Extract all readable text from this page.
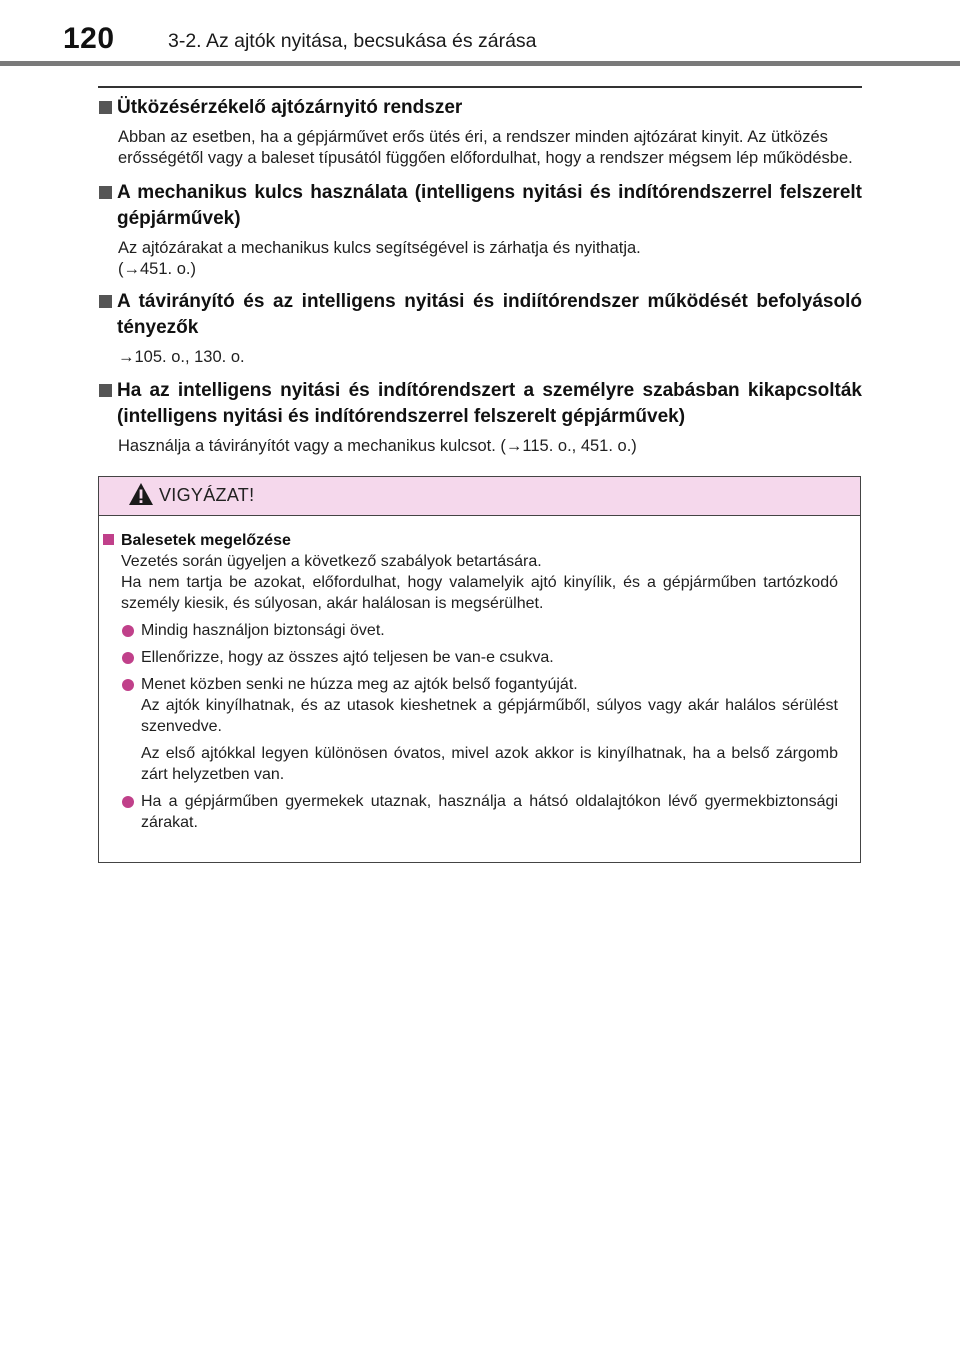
120	3-2. Az ajtók nyitása, becsukása és zárása
Ütközésérzékelő ajtózárnyitó rendszer
Abban az esetben, ha a gépjárművet erős ütés éri, a rendszer minden ajtózárat kinyit. Az ütközés erősségétől vagy a baleset típusától függően előfordulhat, hogy a rendszer mégsem lép működésbe.
A mechanikus kulcs használata (intelligens nyitási és indítórendszerrel felszerelt gépjárművek)
Az ajtózárakat a mechanikus kulcs segítségével is zárhatja és nyithatja.
(→451. o.)
A távirányító és az intelligens nyitási és indiítórendszer működését befolyásoló tényezők
→105. o., 130. o.
Ha az intelligens nyitási és indítórendszert a személyre szabásban kikapcsolták (intelligens nyitási és indítórendszerrel felszerelt gépjárművek)
Használja a távirányítót vagy a mechanikus kulcsot. (→115. o., 451. o.)
VIGYÁZAT!
Balesetek megelőzése
Vezetés során ügyeljen a következő szabályok betartására.
Ha nem tartja be azokat, előfordulhat, hogy valamelyik ajtó kinyílik, és a gépjárműben tartózkodó személy kiesik, és súlyosan, akár halálosan is megsérülhet.
Mindig használjon biztonsági övet.
Ellenőrizze, hogy az összes ajtó teljesen be van-e csukva.
Menet közben senki ne húzza meg az ajtók belső fogantyúját.
Az ajtók kinyílhatnak, és az utasok kieshetnek a gépjárműből, súlyos vagy akár halálos sérülést szenvedve.
Az első ajtókkal legyen különösen óvatos, mivel azok akkor is kinyílhatnak, ha a belső zárgomb zárt helyzetben van.
Ha a gépjárműben gyermekek utaznak, használja a hátsó oldalajtókon lévő gyermekbiztonsági zárakat.
